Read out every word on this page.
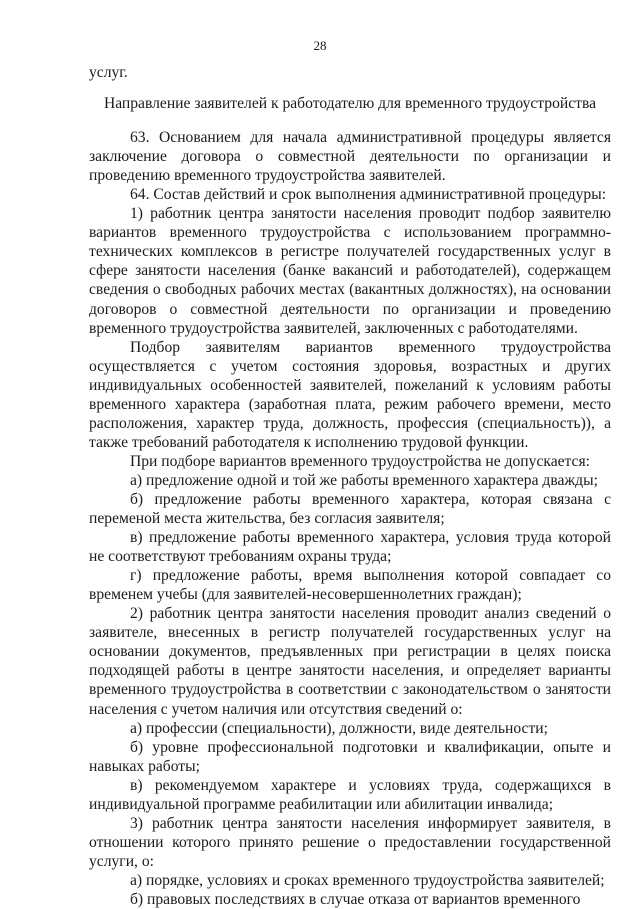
28

услуг.

Направление заявителей к работодателю для временного трудоустройства

63. Основанием для начала административной процедуры является заключение договора о совместной деятельности по организации и проведению временного трудоустройства заявителей.

64. Состав действий и срок выполнения административной процедуры:

1) работник центра занятости населения проводит подбор заявителю вариантов временного трудоустройства с использованием программно-технических комплексов в регистре получателей государственных услуг в сфере занятости населения (банке вакансий и работодателей), содержащем сведения о свободных рабочих местах (вакантных должностях), на основании договоров о совместной деятельности по организации и проведению временного трудоустройства заявителей, заключенных с работодателями.

Подбор заявителям вариантов временного трудоустройства осуществляется с учетом состояния здоровья, возрастных и других индивидуальных особенностей заявителей, пожеланий к условиям работы временного характера (заработная плата, режим рабочего времени, место расположения, характер труда, должность, профессия (специальность)), а также требований работодателя к исполнению трудовой функции.

При подборе вариантов временного трудоустройства не допускается:

а) предложение одной и той же работы временного характера дважды;

б) предложение работы временного характера, которая связана с переменой места жительства, без согласия заявителя;

в) предложение работы временного характера, условия труда которой не соответствуют требованиям охраны труда;

г) предложение работы, время выполнения которой совпадает со временем учебы (для заявителей-несовершеннолетних граждан);

2) работник центра занятости населения проводит анализ сведений о заявителе, внесенных в регистр получателей государственных услуг на основании документов, предъявленных при регистрации в целях поиска подходящей работы в центре занятости населения, и определяет варианты временного трудоустройства в соответствии с законодательством о занятости населения с учетом наличия или отсутствия сведений о:

а) профессии (специальности), должности, виде деятельности;

б) уровне профессиональной подготовки и квалификации, опыте и навыках работы;

в) рекомендуемом характере и условиях труда, содержащихся в индивидуальной программе реабилитации или абилитации инвалида;

3) работник центра занятости населения информирует заявителя, в отношении которого принято решение о предоставлении государственной услуги, о:

а) порядке, условиях и сроках временного трудоустройства заявителей;

б) правовых последствиях в случае отказа от вариантов временного
